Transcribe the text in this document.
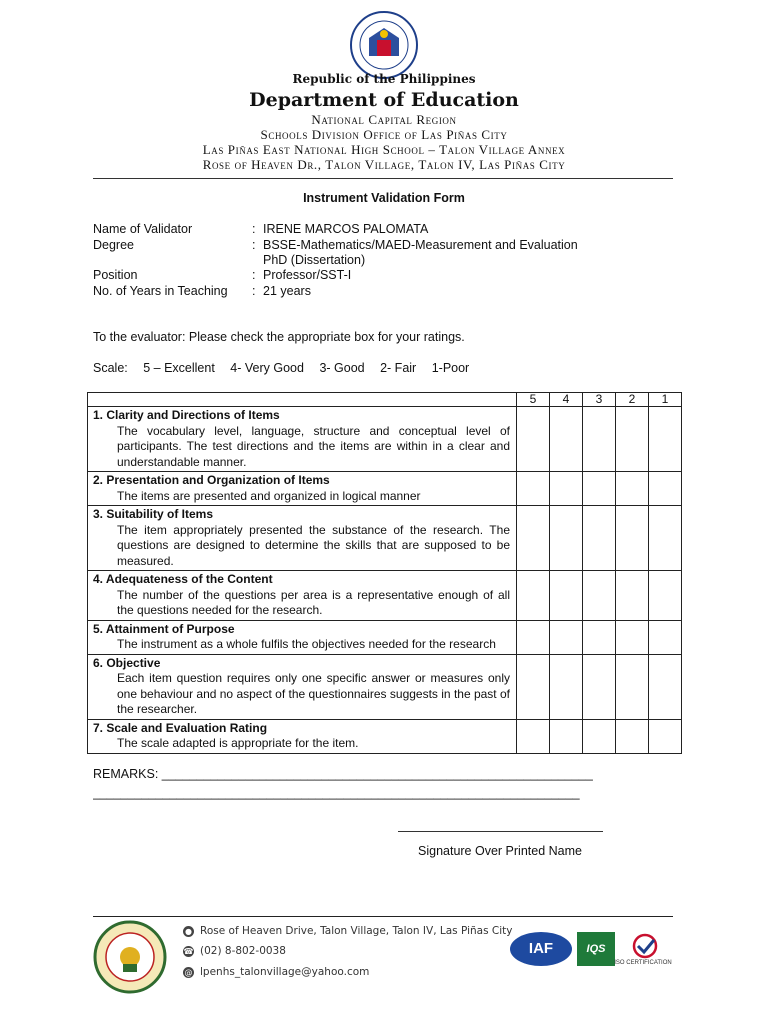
Republic of the Philippines
Department of Education
National Capital Region
Schools Division Office of Las Piñas City
Las Piñas East National High School – Talon Village Annex
Rose of Heaven Dr., Talon Village, Talon IV, Las Piñas City
Instrument Validation Form
Name of Validator	: IRENE MARCOS PALOMATA
Degree	: BSSE-Mathematics/MAED-Measurement and Evaluation
PhD (Dissertation)
Position	: Professor/SST-I
No. of Years in Teaching : 21 years
To the evaluator: Please check the appropriate box for your ratings.
Scale: 5 – Excellent 4- Very Good 3- Good 2- Fair 1-Poor
	5	4	3	2	1

1. Clarity and Directions of Items
The vocabulary level, language, structure and conceptual level of participants. The test directions and the items are within in a clear and understandable manner.					

2. Presentation and Organization of Items
The items are presented and organized in logical manner					

3. Suitability of Items
The item appropriately presented the substance of the research. The questions are designed to determine the skills that are supposed to be measured.					

4. Adequateness of the Content
The number of the questions per area is a representative enough of all the questions needed for the research.					

5. Attainment of Purpose
The instrument as a whole fulfils the objectives needed for the research					

6. Objective
Each item question requires only one specific answer or measures only one behaviour and no aspect of the questionnaires suggests in the past of the researcher.					

7. Scale and Evaluation Rating
The scale adapted is appropriate for the item.					

REMARKS: ______________________________________________________________
______________________________________________________________________
Signature Over Printed Name
● Rose of Heaven Drive, Talon Village, Talon IV, Las Piñas City
☎ (02) 8-802-0038
@ lpenhs_talonvillage@yahoo.com
IAF	IQS
ISO CERTIFICATION
